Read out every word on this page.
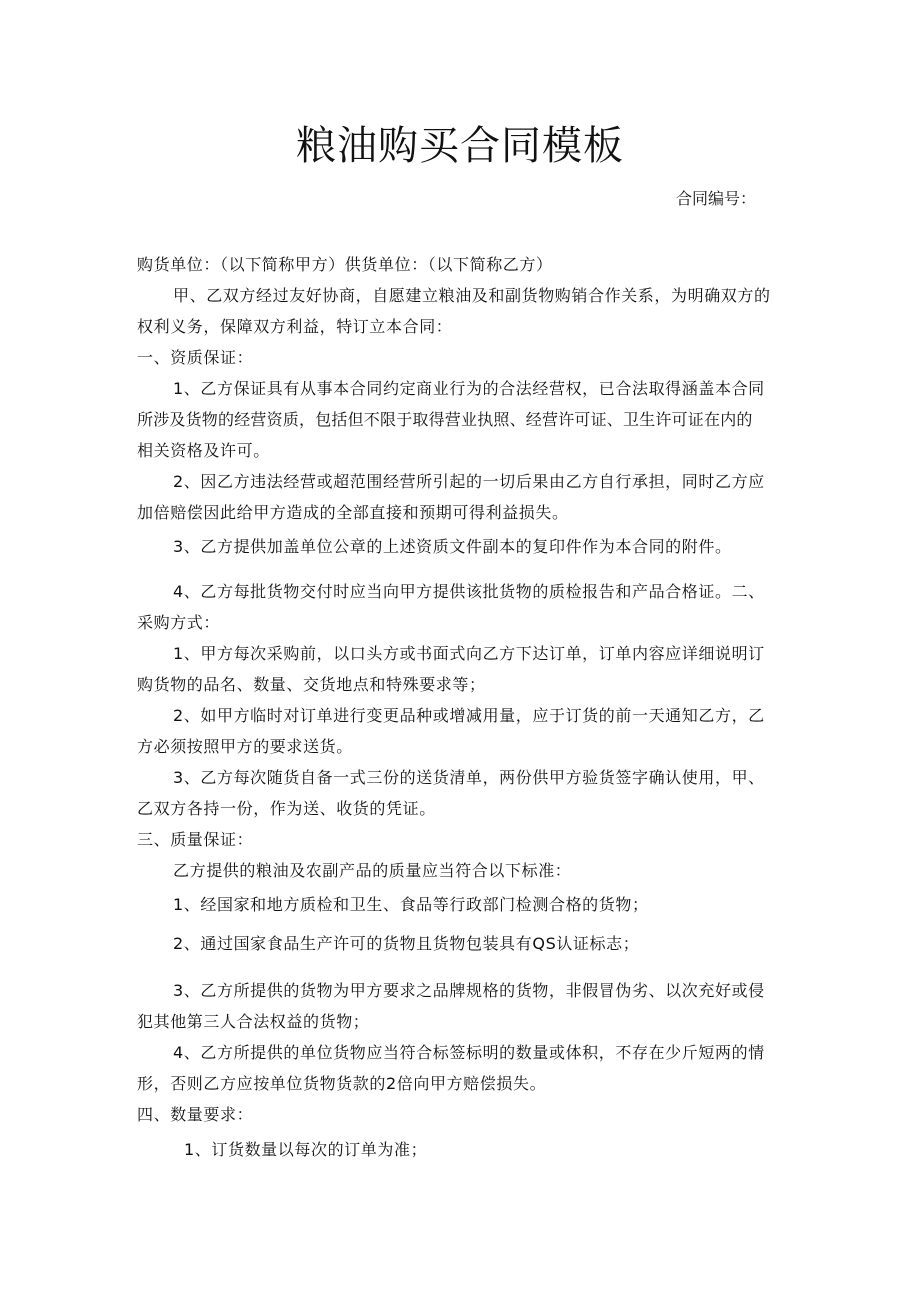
粮油购买合同模板
合同编号：
购货单位：（以下简称甲方）供货单位：（以下简称乙方）
甲、乙双方经过友好协商，自愿建立粮油及和副货物购销合作关系，为明确双方的
权利义务，保障双方利益，特订立本合同：
一、资质保证：
1、乙方保证具有从事本合同约定商业行为的合法经营权，已合法取得涵盖本合同
所涉及货物的经营资质，包括但不限于取得营业执照、经营许可证、卫生许可证在内的
相关资格及许可。
2、因乙方违法经营或超范围经营所引起的一切后果由乙方自行承担，同时乙方应
加倍赔偿因此给甲方造成的全部直接和预期可得利益损失。
3、乙方提供加盖单位公章的上述资质文件副本的复印件作为本合同的附件。
4、乙方每批货物交付时应当向甲方提供该批货物的质检报告和产品合格证。二、
采购方式：
1、甲方每次采购前，以口头方或书面式向乙方下达订单，订单内容应详细说明订
购货物的品名、数量、交货地点和特殊要求等；
2、如甲方临时对订单进行变更品种或增减用量，应于订货的前一天通知乙方，乙
方必须按照甲方的要求送货。
3、乙方每次随货自备一式三份的送货清单，两份供甲方验货签字确认使用，甲、
乙双方各持一份，作为送、收货的凭证。
三、质量保证：
乙方提供的粮油及农副产品的质量应当符合以下标准：
1、经国家和地方质检和卫生、食品等行政部门检测合格的货物；
2、通过国家食品生产许可的货物且货物包装具有QS认证标志；
3、乙方所提供的货物为甲方要求之品牌规格的货物，非假冒伪劣、以次充好或侵
犯其他第三人合法权益的货物；
4、乙方所提供的单位货物应当符合标签标明的数量或体积，不存在少斤短两的情
形，否则乙方应按单位货物货款的2倍向甲方赔偿损失。
四、数量要求：
1、订货数量以每次的订单为准；
